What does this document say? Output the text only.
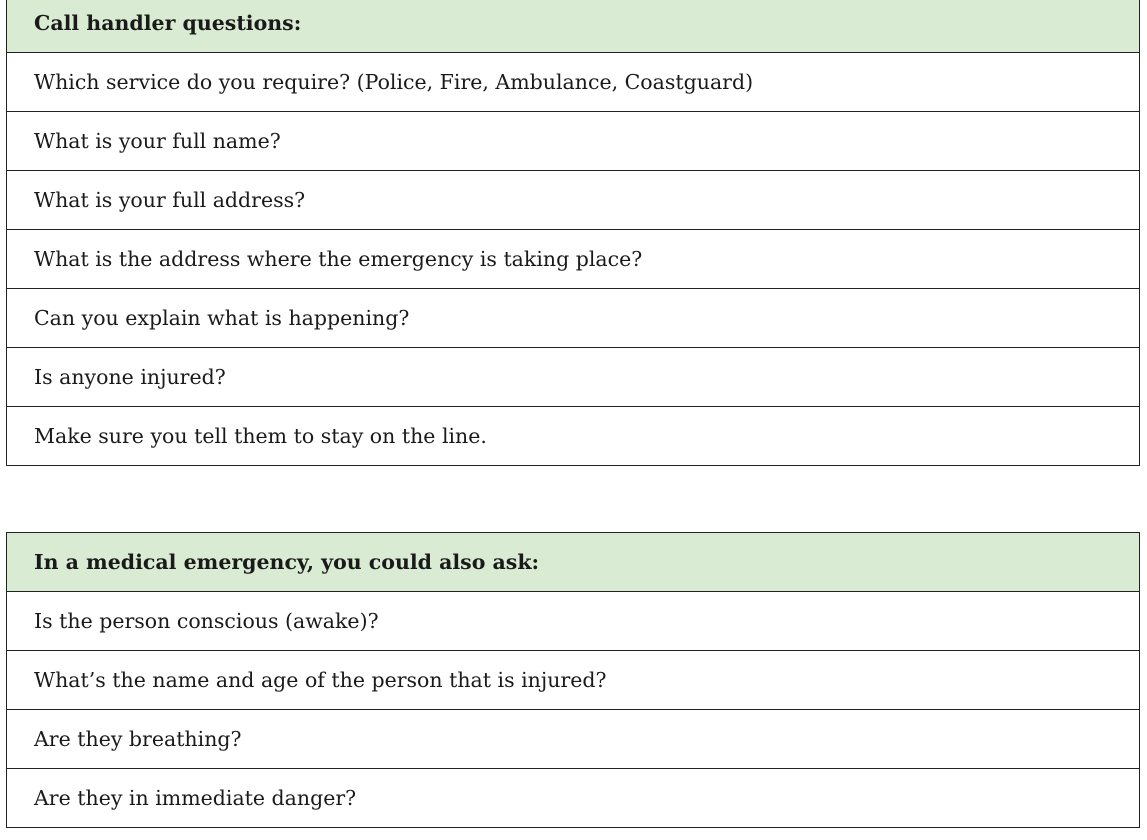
Call handler questions:
Which service do you require? (Police, Fire, Ambulance, Coastguard)
What is your full name?
What is your full address?
What is the address where the emergency is taking place?
Can you explain what is happening?
Is anyone injured?
Make sure you tell them to stay on the line.
In a medical emergency, you could also ask:
Is the person conscious (awake)?
What’s the name and age of the person that is injured?
Are they breathing?
Are they in immediate danger?
